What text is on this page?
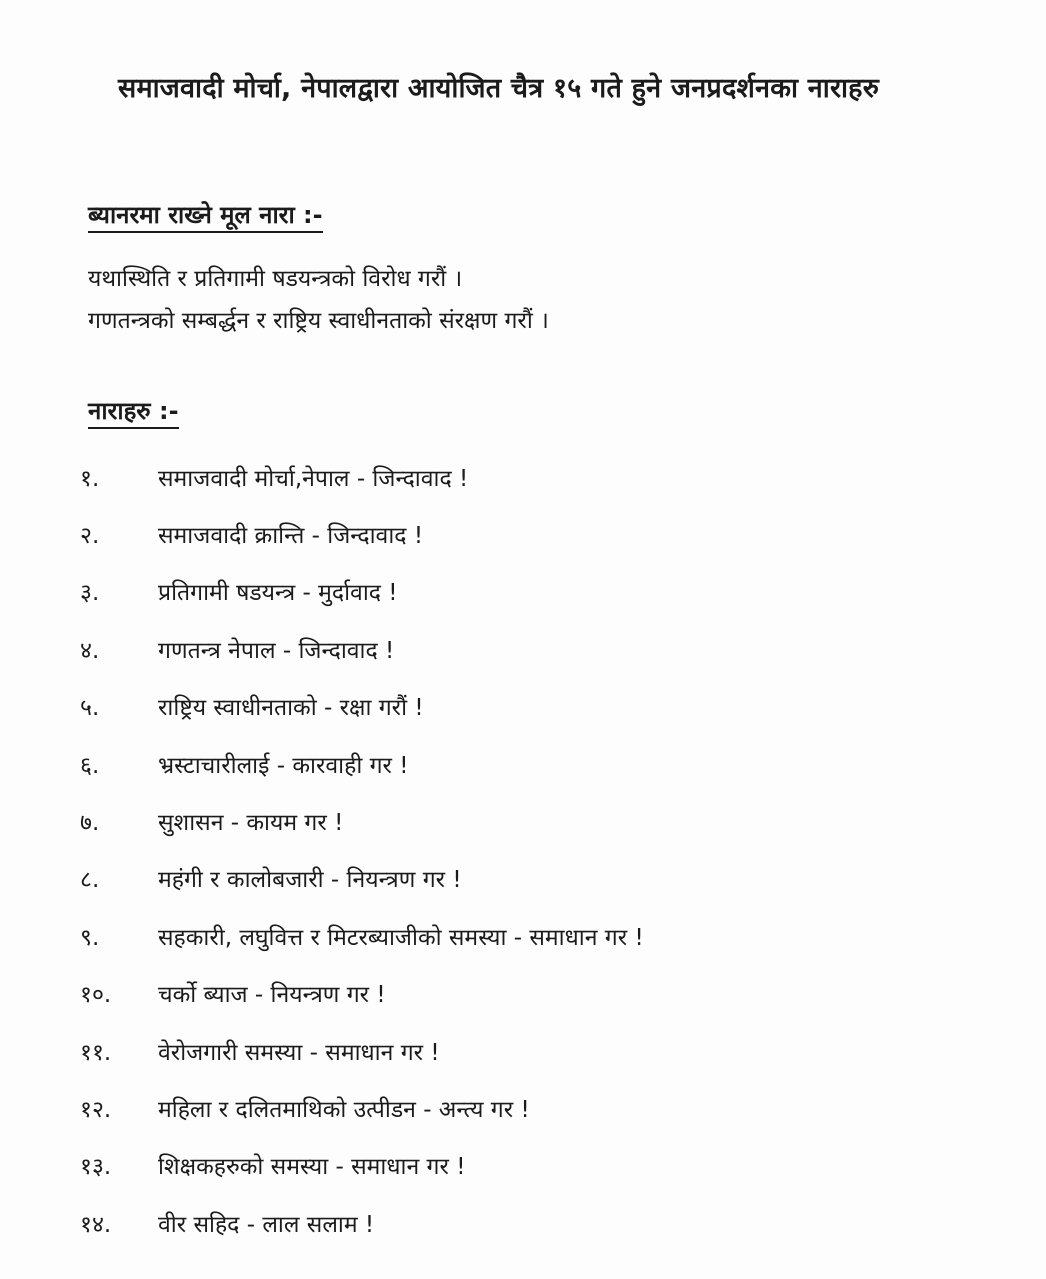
समाजवादी मोर्चा, नेपालद्वारा आयोजित चैत्र १५ गते हुने जनप्रदर्शनका नाराहरु
ब्यानरमा राख्ने मूल नारा :-
यथास्थिति र प्रतिगामी षडयन्त्रको विरोध गरौं ।
गणतन्त्रको सम्बर्द्धन र राष्ट्रिय स्वाधीनताको संरक्षण गरौं ।
नाराहरु :-
१.	समाजवादी मोर्चा,नेपाल - जिन्दावाद !
२.	समाजवादी क्रान्ति - जिन्दावाद !
३.	प्रतिगामी षडयन्त्र - मुर्दावाद !
४.	गणतन्त्र नेपाल - जिन्दावाद !
५.	राष्ट्रिय स्वाधीनताको - रक्षा गरौं !
६.	भ्रस्टाचारीलाई - कारवाही गर !
७.	सुशासन - कायम गर !
८.	महंगी र कालोबजारी - नियन्त्रण गर !
९.	सहकारी, लघुवित्त र मिटरब्याजीको समस्या - समाधान गर !
१०.	चर्को ब्याज - नियन्त्रण गर !
११.	वेरोजगारी समस्या - समाधान गर !
१२.	महिला र दलितमाथिको उत्पीडन - अन्त्य गर !
१३.	शिक्षकहरुको समस्या - समाधान गर !
१४.	वीर सहिद - लाल सलाम !
